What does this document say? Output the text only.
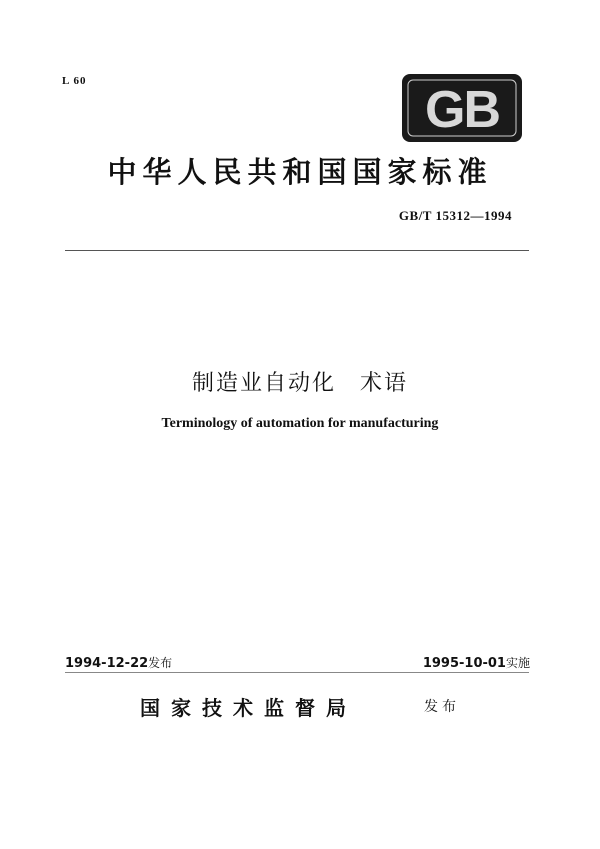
L 60	GB
中华人民共和国国家标准
GB/T 15312—1994
制造业自动化　术语
Terminology of automation for manufacturing
1994-12-22发布	1995-10-01实施
国家技术监督局	发布
